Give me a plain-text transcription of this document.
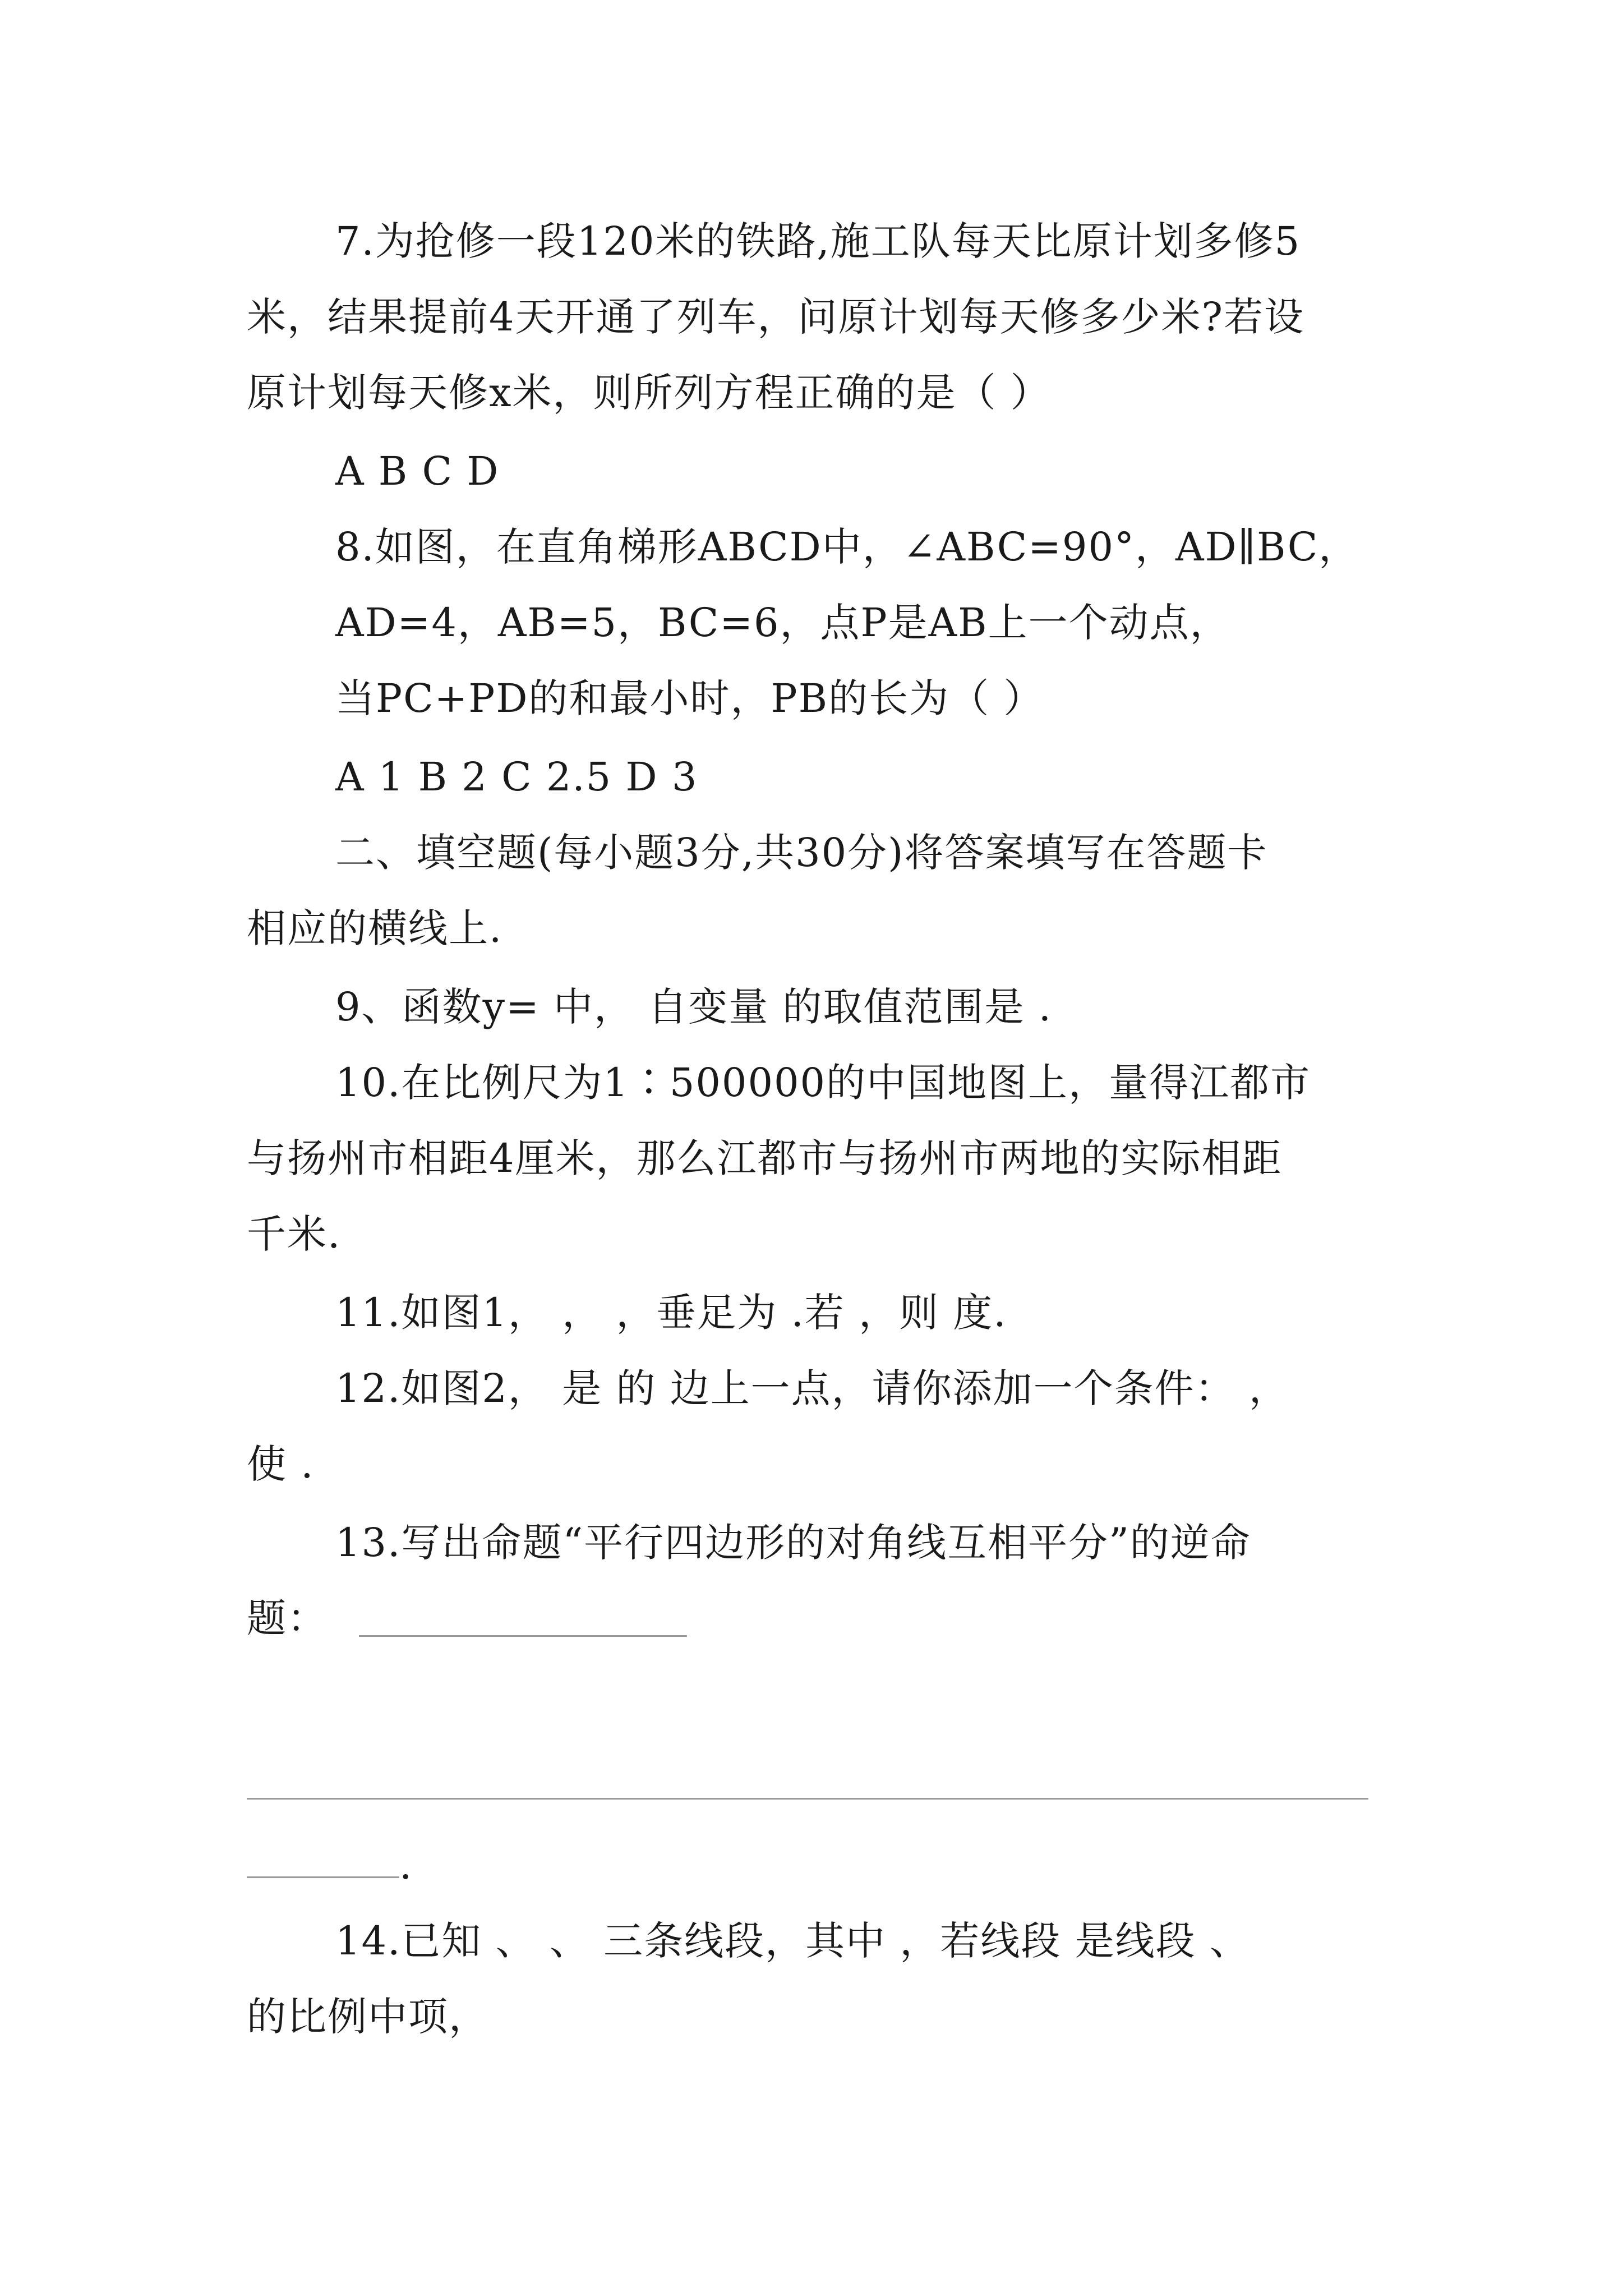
7.为抢修一段120米的铁路,施工队每天比原计划多修5
米，结果提前4天开通了列车，问原计划每天修多少米?若设
原计划每天修x米，则所列方程正确的是（ ）
A B C D
8.如图，在直角梯形ABCD中，∠ABC=90°，AD∥BC，
AD=4，AB=5，BC=6，点P是AB上一个动点，
当PC+PD的和最小时，PB的长为（ ）
A 1 B 2 C 2.5 D 3
二、填空题(每小题3分,共30分)将答案填写在答题卡
相应的横线上.
9、函数y= 中， 自变量 的取值范围是 .
10.在比例尺为1∶500000的中国地图上，量得江都市
与扬州市相距4厘米，那么江都市与扬州市两地的实际相距
千米.
11.如图1， ， ，垂足为 .若 ，则 度.
12.如图2， 是 的 边上一点，请你添加一个条件： ，
使 .
13.写出命题“平行四边形的对角线互相平分”的逆命
题：
.
14.已知 、 、 三条线段，其中 ，若线段 是线段 、
的比例中项，
